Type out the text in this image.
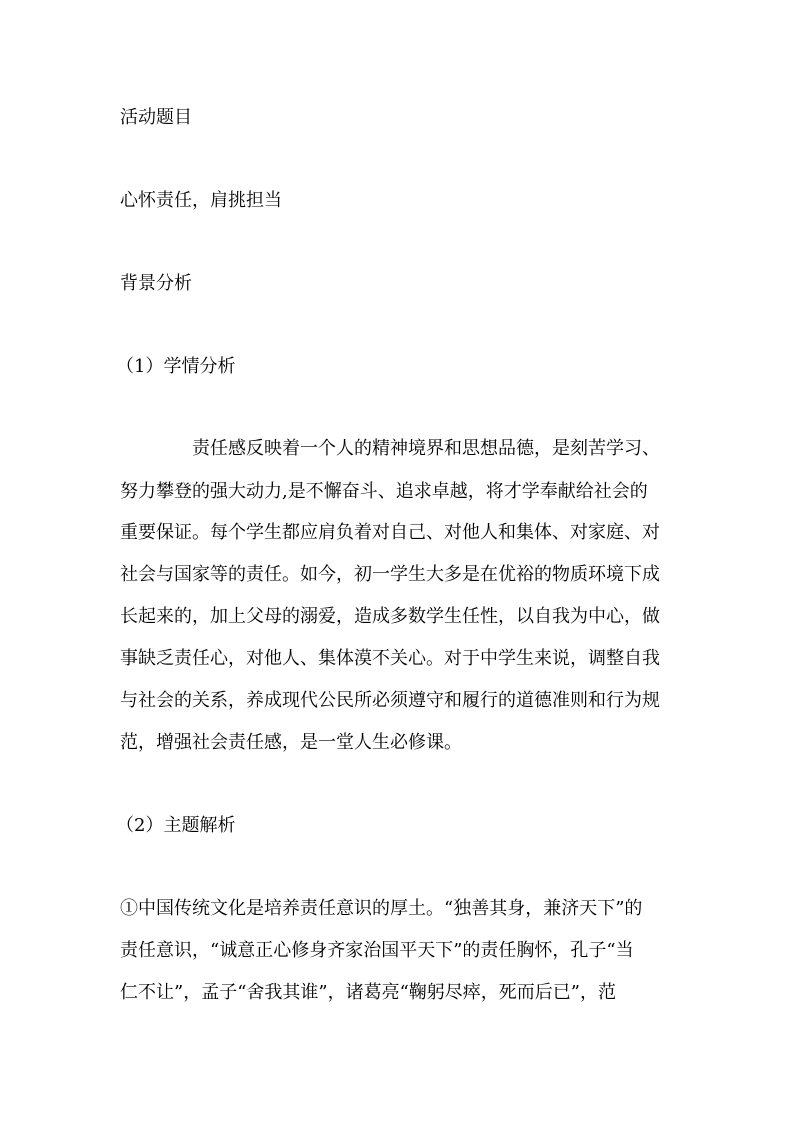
活动题目
心怀责任，肩挑担当
背景分析
（1）学情分析
责任感反映着一个人的精神境界和思想品德，是刻苦学习、
努力攀登的强大动力,是不懈奋斗、追求卓越，将才学奉献给社会的
重要保证。每个学生都应肩负着对自己、对他人和集体、对家庭、对
社会与国家等的责任。如今，初一学生大多是在优裕的物质环境下成
长起来的，加上父母的溺爱，造成多数学生任性，以自我为中心，做
事缺乏责任心，对他人、集体漠不关心。对于中学生来说，调整自我
与社会的关系，养成现代公民所必须遵守和履行的道德准则和行为规
范，增强社会责任感，是一堂人生必修课。
（2）主题解析
①中国传统文化是培养责任意识的厚土。“独善其身，兼济天下”的
责任意识，“诚意正心修身齐家治国平天下”的责任胸怀，孔子“当
仁不让”，孟子“舍我其谁”，诸葛亮“鞠躬尽瘁，死而后已”，范
